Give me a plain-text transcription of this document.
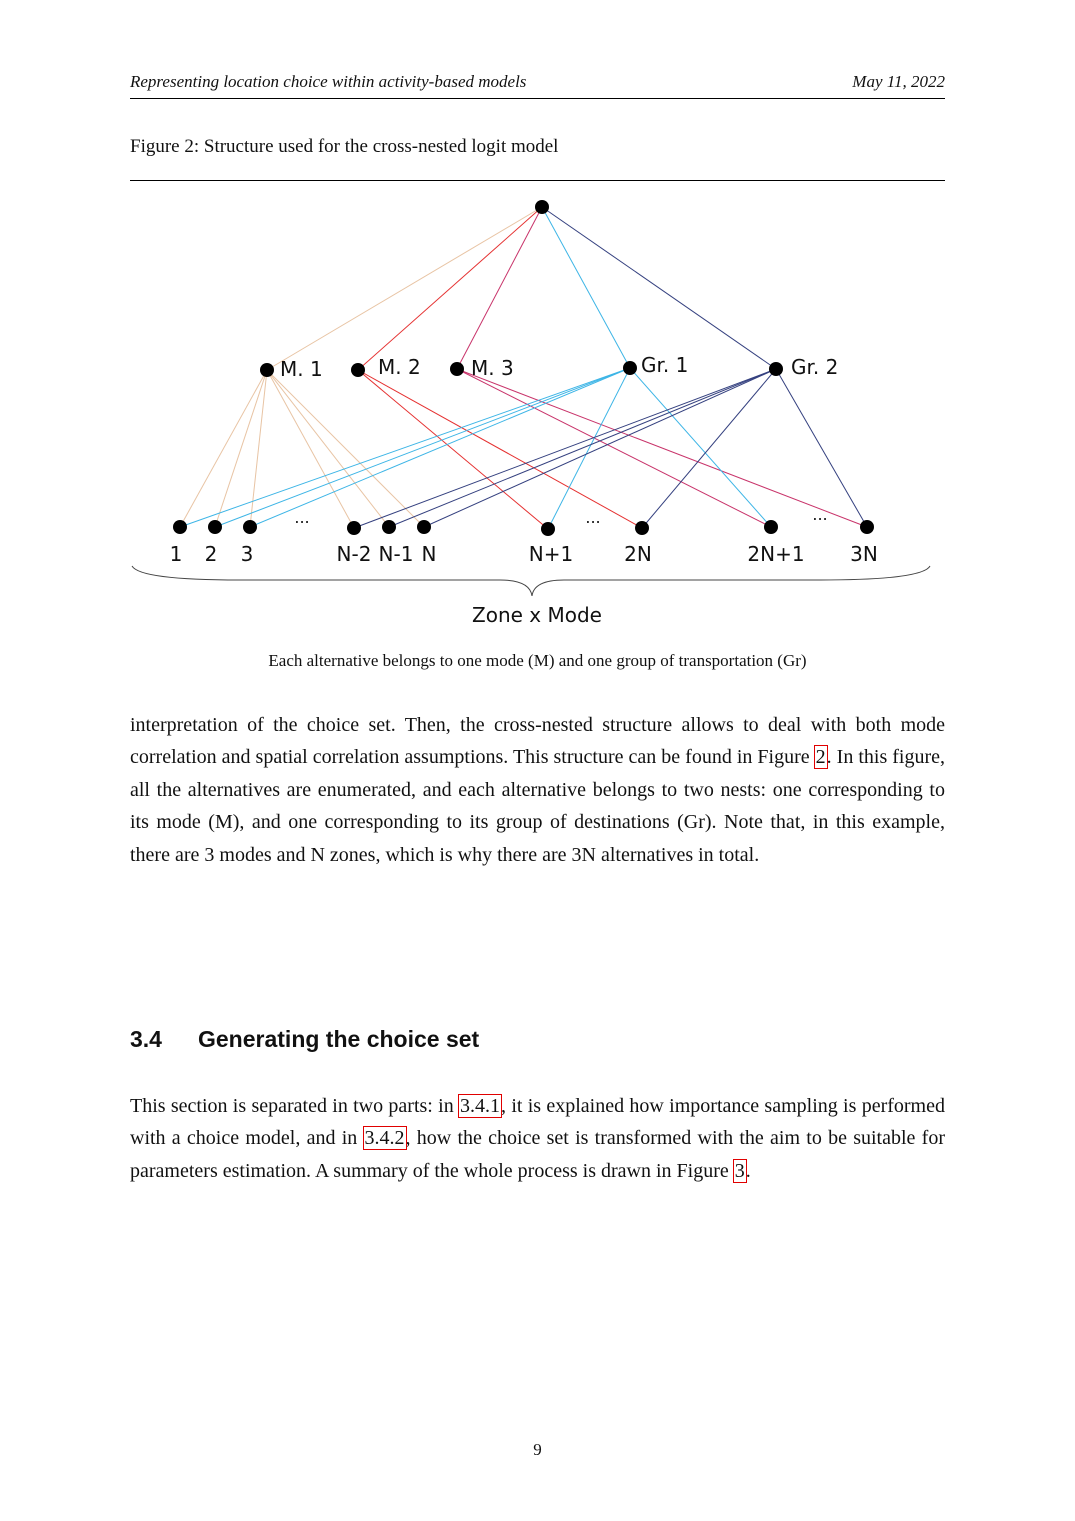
Representing location choice within activity-based models	May 11, 2022
Figure 2: Structure used for the cross-nested logit model
M. 1	M. 2	M. 3	Gr. 1	Gr. 2
1 2 3	N-2 N-1 N	N+1	2N	2N+1 3N
...	...	...
Zone x Mode
Each alternative belongs to one mode (M) and one group of transportation (Gr)

interpretation of the choice set. Then, the cross-nested structure allows to deal with both mode correlation and spatial correlation assumptions. This structure can be found in Figure 2. In this figure, all the alternatives are enumerated, and each alternative belongs to two nests: one corresponding to its mode (M), and one corresponding to its group of destinations (Gr). Note that, in this example, there are 3 modes and N zones, which is why there are 3N alternatives in total.

3.4 Generating the choice set

This section is separated in two parts: in 3.4.1, it is explained how importance sampling is performed with a choice model, and in 3.4.2, how the choice set is transformed with the aim to be suitable for parameters estimation. A summary of the whole process is drawn in Figure 3.

9
